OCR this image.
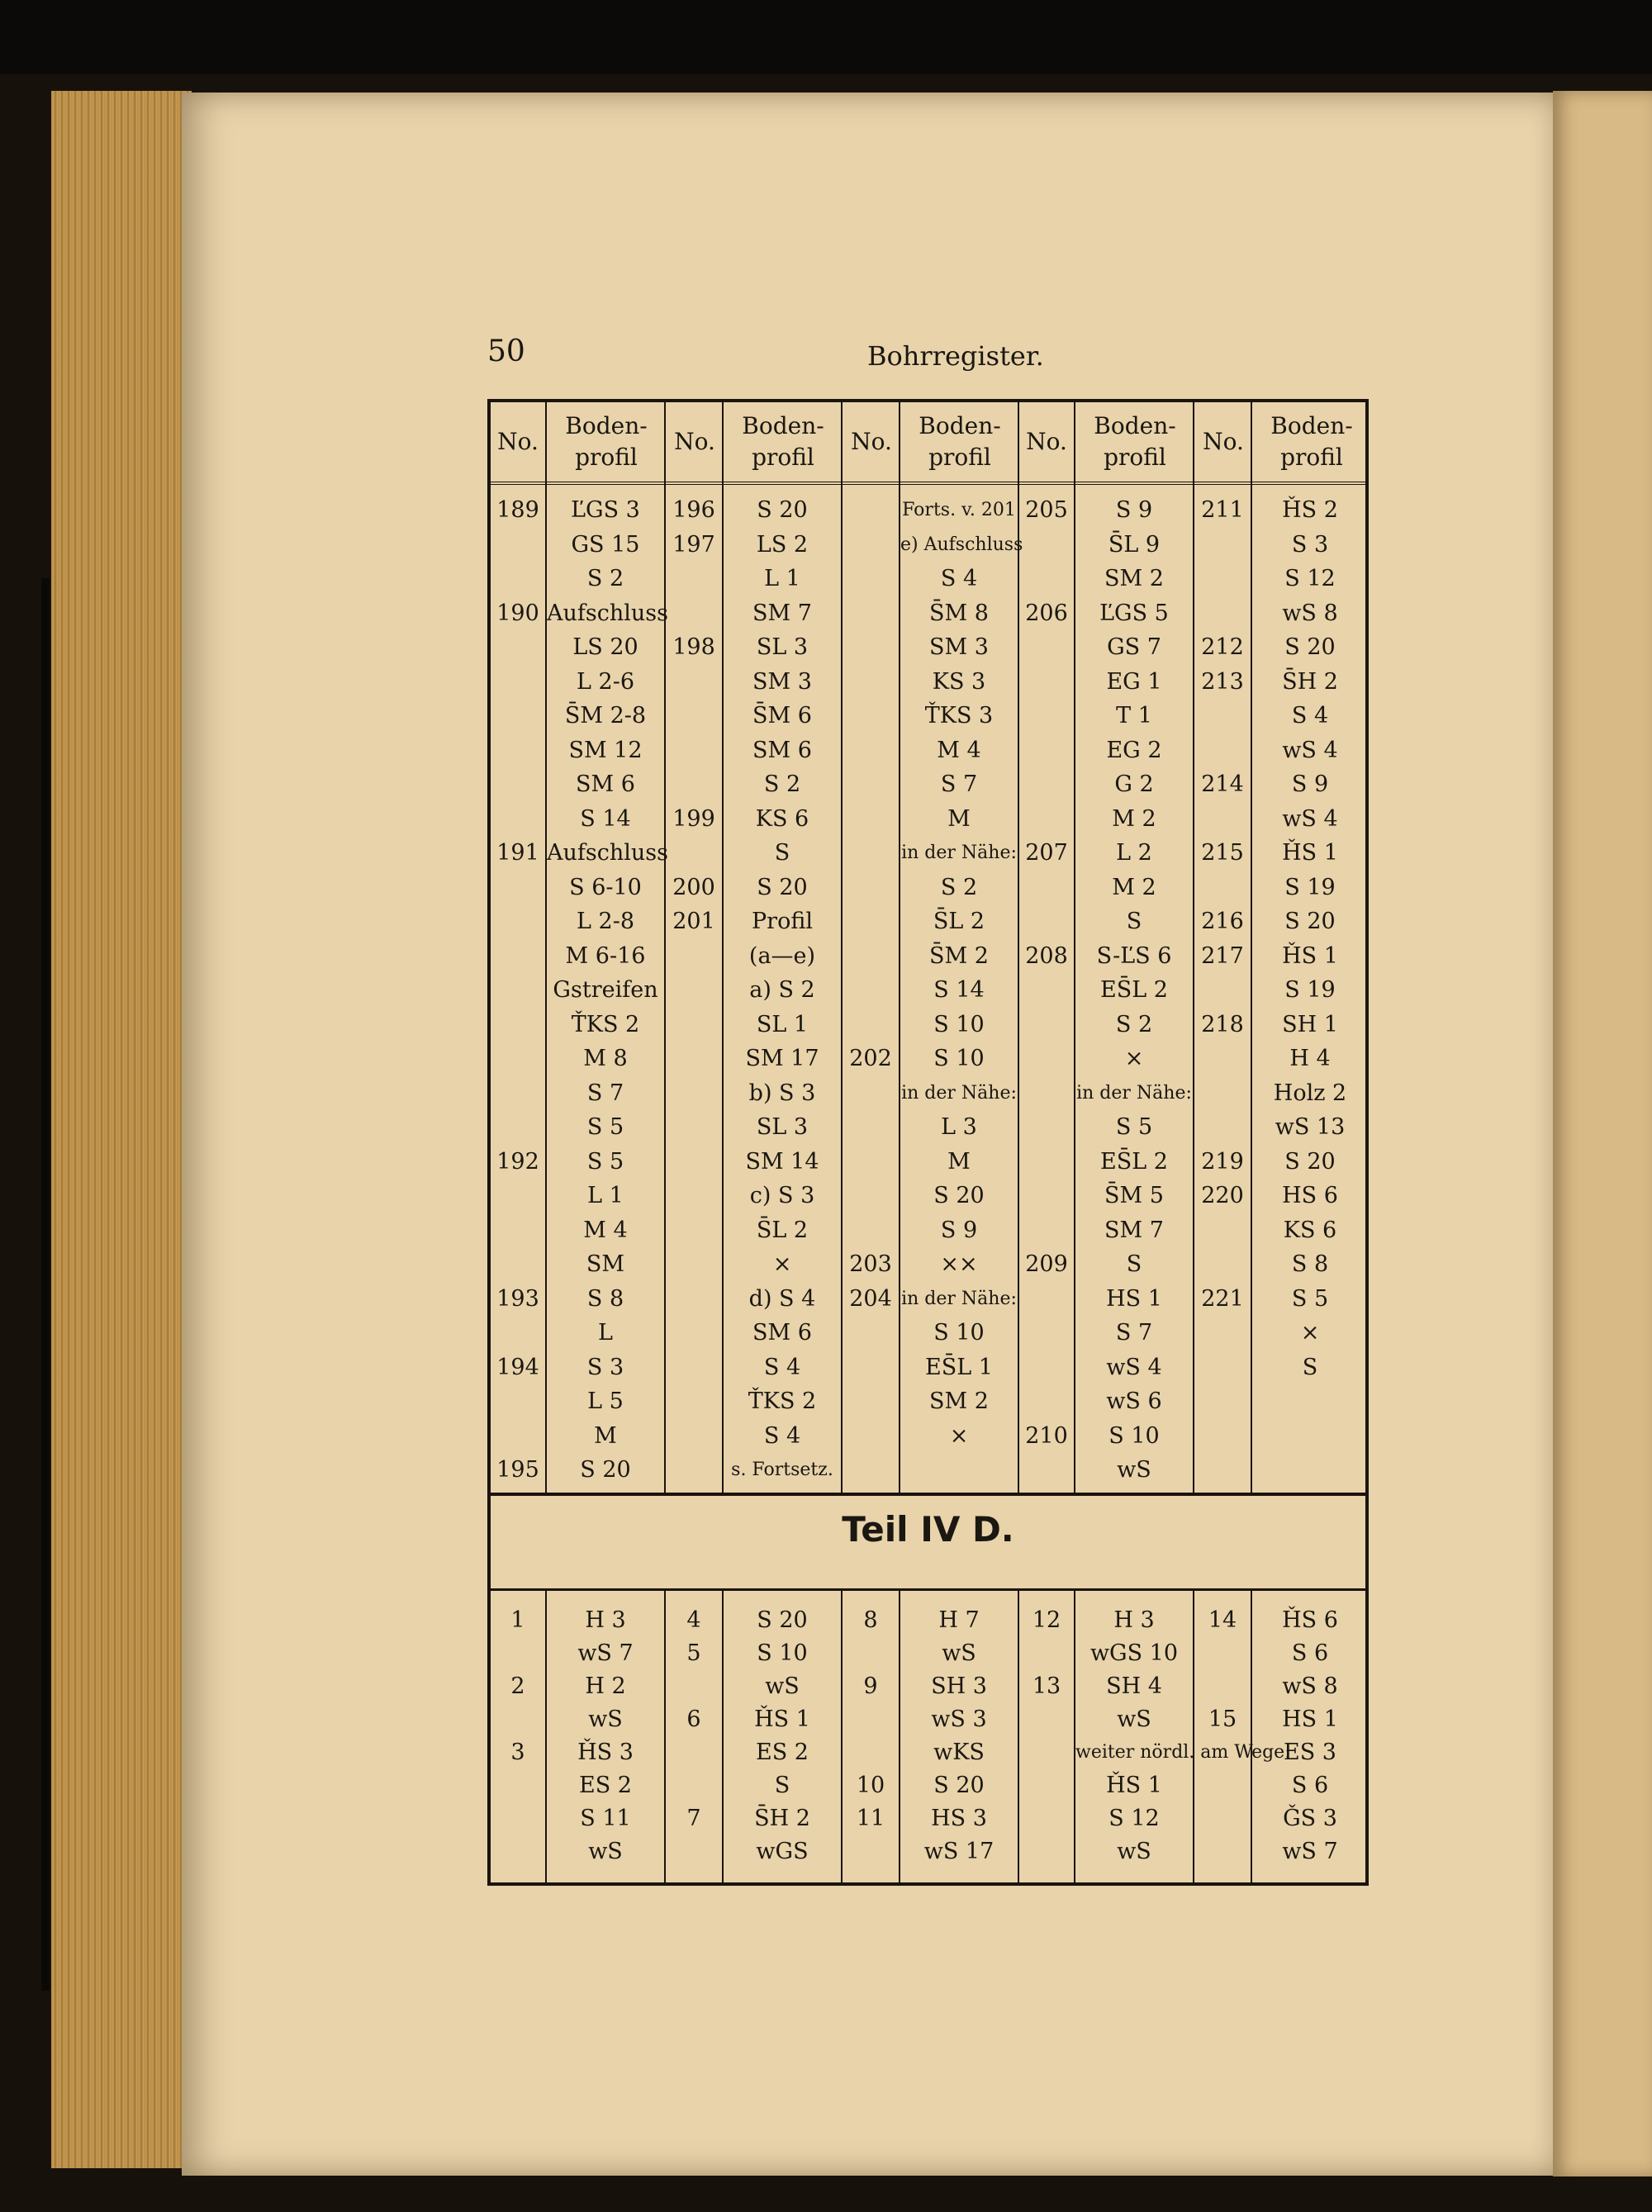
50	Bohrregister.
No.
Boden-
profil
No.
Boden-
profil
No.
Boden-
profil
No.
Boden-
profil
No.
Boden-
profil
189
190
191
192
193
194
195
ĽGS 3
GS 15
S 2
Aufschluss
LS 20
L 2-6
S̄M 2-8
SM 12
SM 6
S 14
Aufschluss
S 6-10
L 2-8
M 6-16
Gstreifen
ŤKS 2
M 8
S 7
S 5
S 5
L 1
M 4
SM
S 8
L
S 3
L 5
M
S 20
196
197
198
199
200
201
S 20
LS 2
L 1
SM 7
SL 3
SM 3
S̄M 6
SM 6
S 2
KS 6
S
S 20
Profil
(a—e)
a) S 2
SL 1
SM 17
b) S 3
SL 3
SM 14
c) S 3
S̄L 2
×
d) S 4
SM 6
S 4
ŤKS 2
S 4
s. Fortsetz.
202
203
204
Forts. v. 201
e) Aufschluss
S 4
S̄M 8
SM 3
KS 3
ŤKS 3
M 4
S 7
M
in der Nähe:
S 2
S̄L 2
S̄M 2
S 14
S 10
S 10
in der Nähe:
L 3
M
S 20
S 9
××
in der Nähe:
S 10
ES̄L 1
SM 2
×
205
206
207
208
209
210
S 9
S̄L 9
SM 2
ĽGS 5
GS 7
EG 1
T 1
EG 2
G 2
M 2
L 2
M 2
S
S-ĽS 6
ES̄L 2
S 2
×
in der Nähe:
S 5
ES̄L 2
S̄M 5
SM 7
S
HS 1
S 7
wS 4
wS 6
S 10
wS
211
212
213
214
215
216
217
218
219
220
221
ȞS 2
S 3
S 12
wS 8
S 20
S̄H 2
S 4
wS 4
S 9
wS 4
ȞS 1
S 19
S 20
ȞS 1
S 19
SH 1
H 4
Holz 2
wS 13
S 20
HS 6
KS 6
S 8
S 5
×
S
Teil IV D.
1
2
3
H 3
wS 7
H 2
wS
ȞS 3
ES 2
S 11
wS
4
5
6
7
S 20
S 10
wS
ȞS 1
ES 2
S
S̄H 2
wGS
8
9
10
11
H 7
wS
SH 3
wS 3
wKS
S 20
HS 3
wS 17
12
13
H 3
wGS 10
SH 4
wS
weiter nördl. am Wege:
ȞS 1
S 12
wS
14
15
ȞS 6
S 6
wS 8
HS 1
ES 3
S 6
ǦS 3
wS 7
